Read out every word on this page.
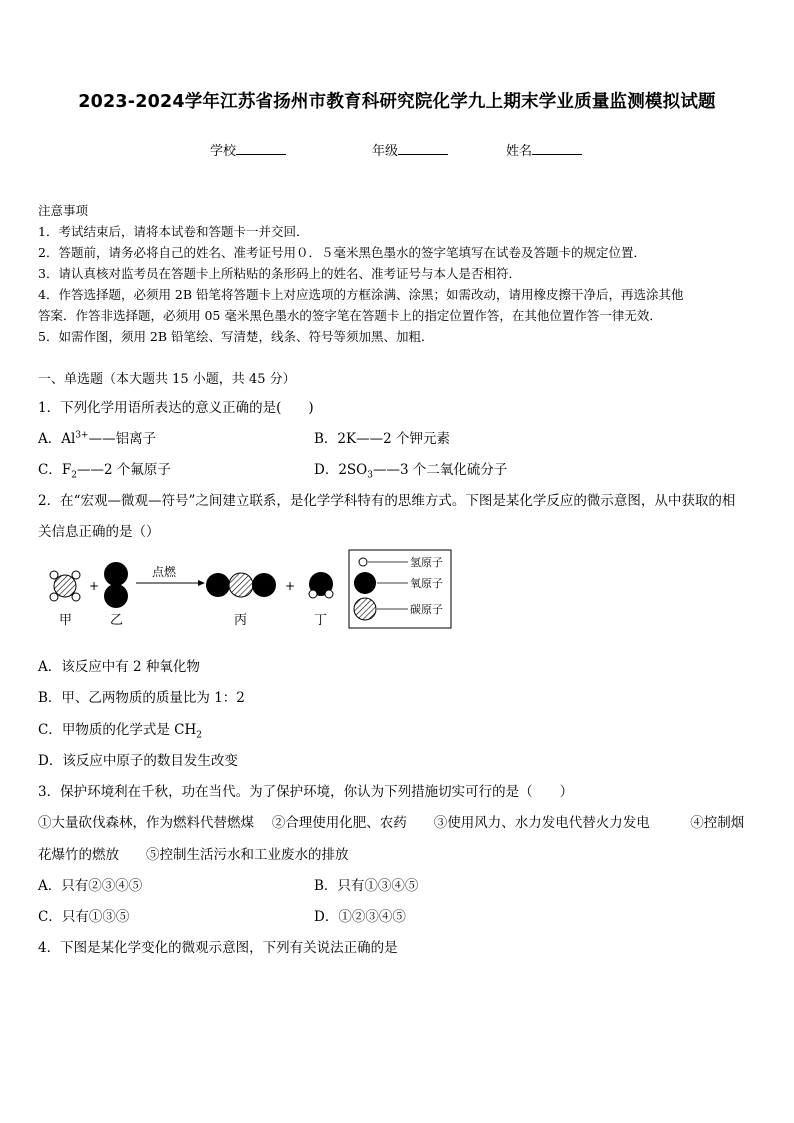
2023-2024学年江苏省扬州市教育科研究院化学九上期末学业质量监测模拟试题
学校	年级	姓名
注意事项
1．考试结束后，请将本试卷和答题卡一并交回．
2．答题前，请务必将自己的姓名、准考证号用０．５毫米黑色墨水的签字笔填写在试卷及答题卡的规定位置．
3．请认真核对监考员在答题卡上所粘贴的条形码上的姓名、准考证号与本人是否相符．
4．作答选择题，必须用 2B 铅笔将答题卡上对应选项的方框涂满、涂黑；如需改动，请用橡皮擦干净后，再选涂其他
答案．作答非选择题，必须用 05 毫米黑色墨水的签字笔在答题卡上的指定位置作答，在其他位置作答一律无效．
5．如需作图，须用 2B 铅笔绘、写清楚，线条、符号等须加黑、加粗．
一、单选题（本大题共 15 小题，共 45 分）
1．下列化学用语所表达的意义正确的是(　　)
A．$Al^{3+}——$铝离子	B．2K——2 个钾元素
C．$F_2——2$ 个氟原子	D．$2SO_3——3$ 个二氧化硫分子
2．在“宏观—微观—符号”之间建立联系，是化学学科特有的思维方式。下图是某化学反应的微示意图，从中获取的相
关信息正确的是（）
+
点燃
+
甲	乙	丙	丁
氢原子
氧原子
碳原子
A．该反应中有 2 种氧化物
B．甲、乙两物质的质量比为 1：2
C．甲物质的化学式是 $CH_2$
D．该反应中原子的数目发生改变
3．保护环境利在千秋，功在当代。为了保护环境，你认为下列措施切实可行的是（　　）
①大量砍伐森林，作为燃料代替燃煤　 ②合理使用化肥、农药　　③使用风力、水力发电代替火力发电　　　④控制烟
花爆竹的燃放　　⑤控制生活污水和工业废水的排放
A．只有②③④⑤	B．只有①③④⑤
C．只有①③⑤	D．①②③④⑤
4．下图是某化学变化的微观示意图，下列有关说法正确的是
